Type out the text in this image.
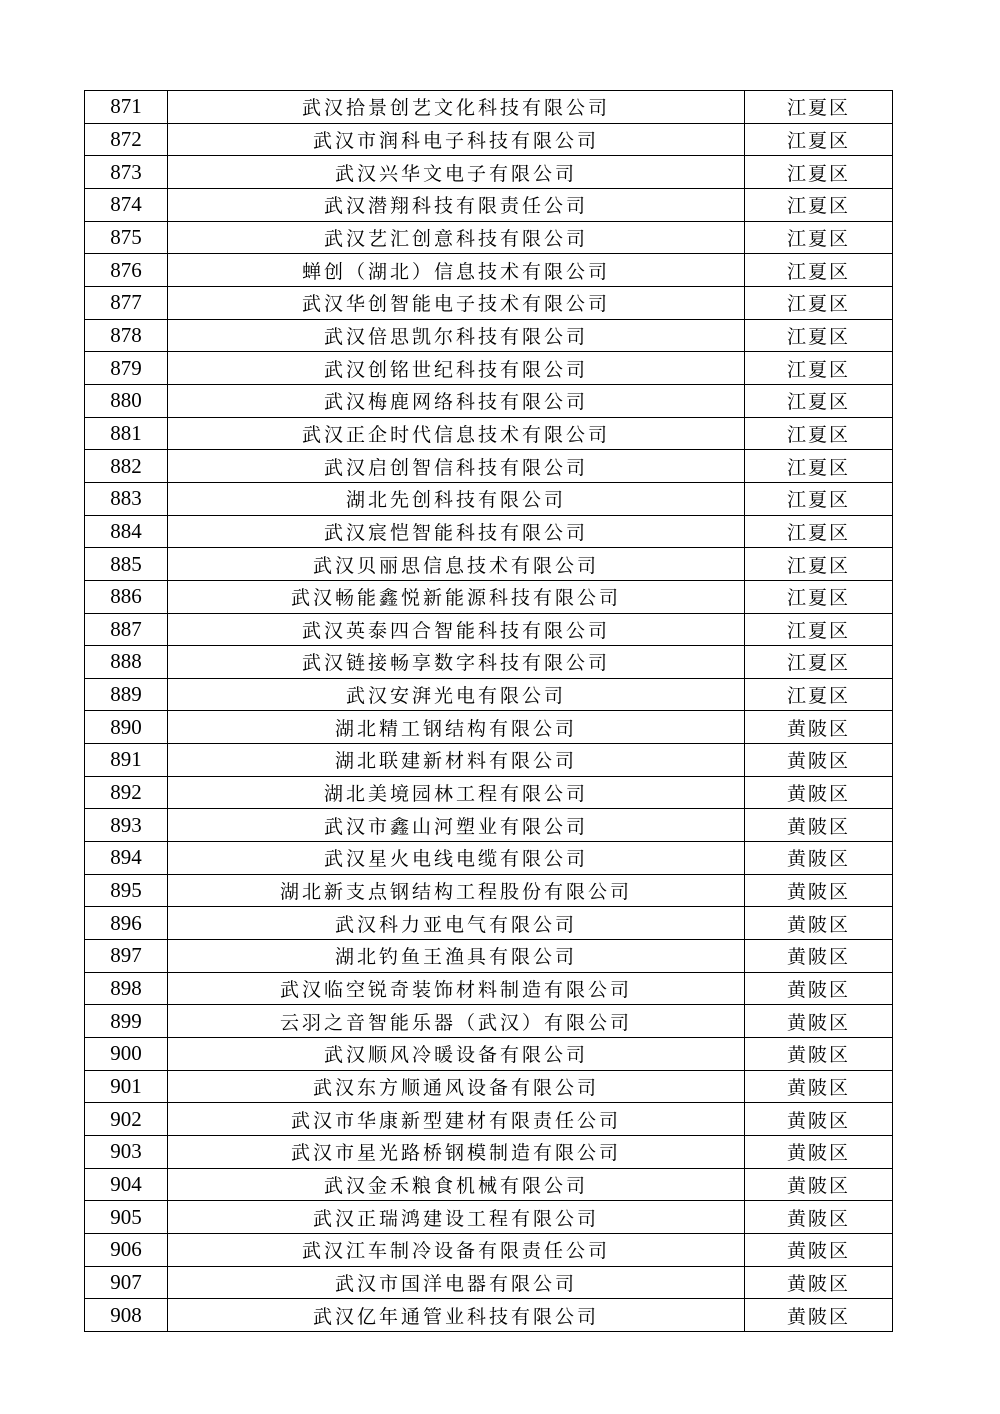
871	武汉拾景创艺文化科技有限公司	江夏区
872	武汉市润科电子科技有限公司	江夏区
873	武汉兴华文电子有限公司	江夏区
874	武汉潜翔科技有限责任公司	江夏区
875	武汉艺汇创意科技有限公司	江夏区
876	蝉创（湖北）信息技术有限公司	江夏区
877	武汉华创智能电子技术有限公司	江夏区
878	武汉倍思凯尔科技有限公司	江夏区
879	武汉创铭世纪科技有限公司	江夏区
880	武汉梅鹿网络科技有限公司	江夏区
881	武汉正企时代信息技术有限公司	江夏区
882	武汉启创智信科技有限公司	江夏区
883	湖北先创科技有限公司	江夏区
884	武汉宸恺智能科技有限公司	江夏区
885	武汉贝丽思信息技术有限公司	江夏区
886	武汉畅能鑫悦新能源科技有限公司	江夏区
887	武汉英泰四合智能科技有限公司	江夏区
888	武汉链接畅享数字科技有限公司	江夏区
889	武汉安湃光电有限公司	江夏区
890	湖北精工钢结构有限公司	黄陂区
891	湖北联建新材料有限公司	黄陂区
892	湖北美境园林工程有限公司	黄陂区
893	武汉市鑫山河塑业有限公司	黄陂区
894	武汉星火电线电缆有限公司	黄陂区
895	湖北新支点钢结构工程股份有限公司	黄陂区
896	武汉科力亚电气有限公司	黄陂区
897	湖北钓鱼王渔具有限公司	黄陂区
898	武汉临空锐奇装饰材料制造有限公司	黄陂区
899	云羽之音智能乐器（武汉）有限公司	黄陂区
900	武汉顺风冷暖设备有限公司	黄陂区
901	武汉东方顺通风设备有限公司	黄陂区
902	武汉市华康新型建材有限责任公司	黄陂区
903	武汉市星光路桥钢模制造有限公司	黄陂区
904	武汉金禾粮食机械有限公司	黄陂区
905	武汉正瑞鸿建设工程有限公司	黄陂区
906	武汉江车制冷设备有限责任公司	黄陂区
907	武汉市国洋电器有限公司	黄陂区
908	武汉亿年通管业科技有限公司	黄陂区
